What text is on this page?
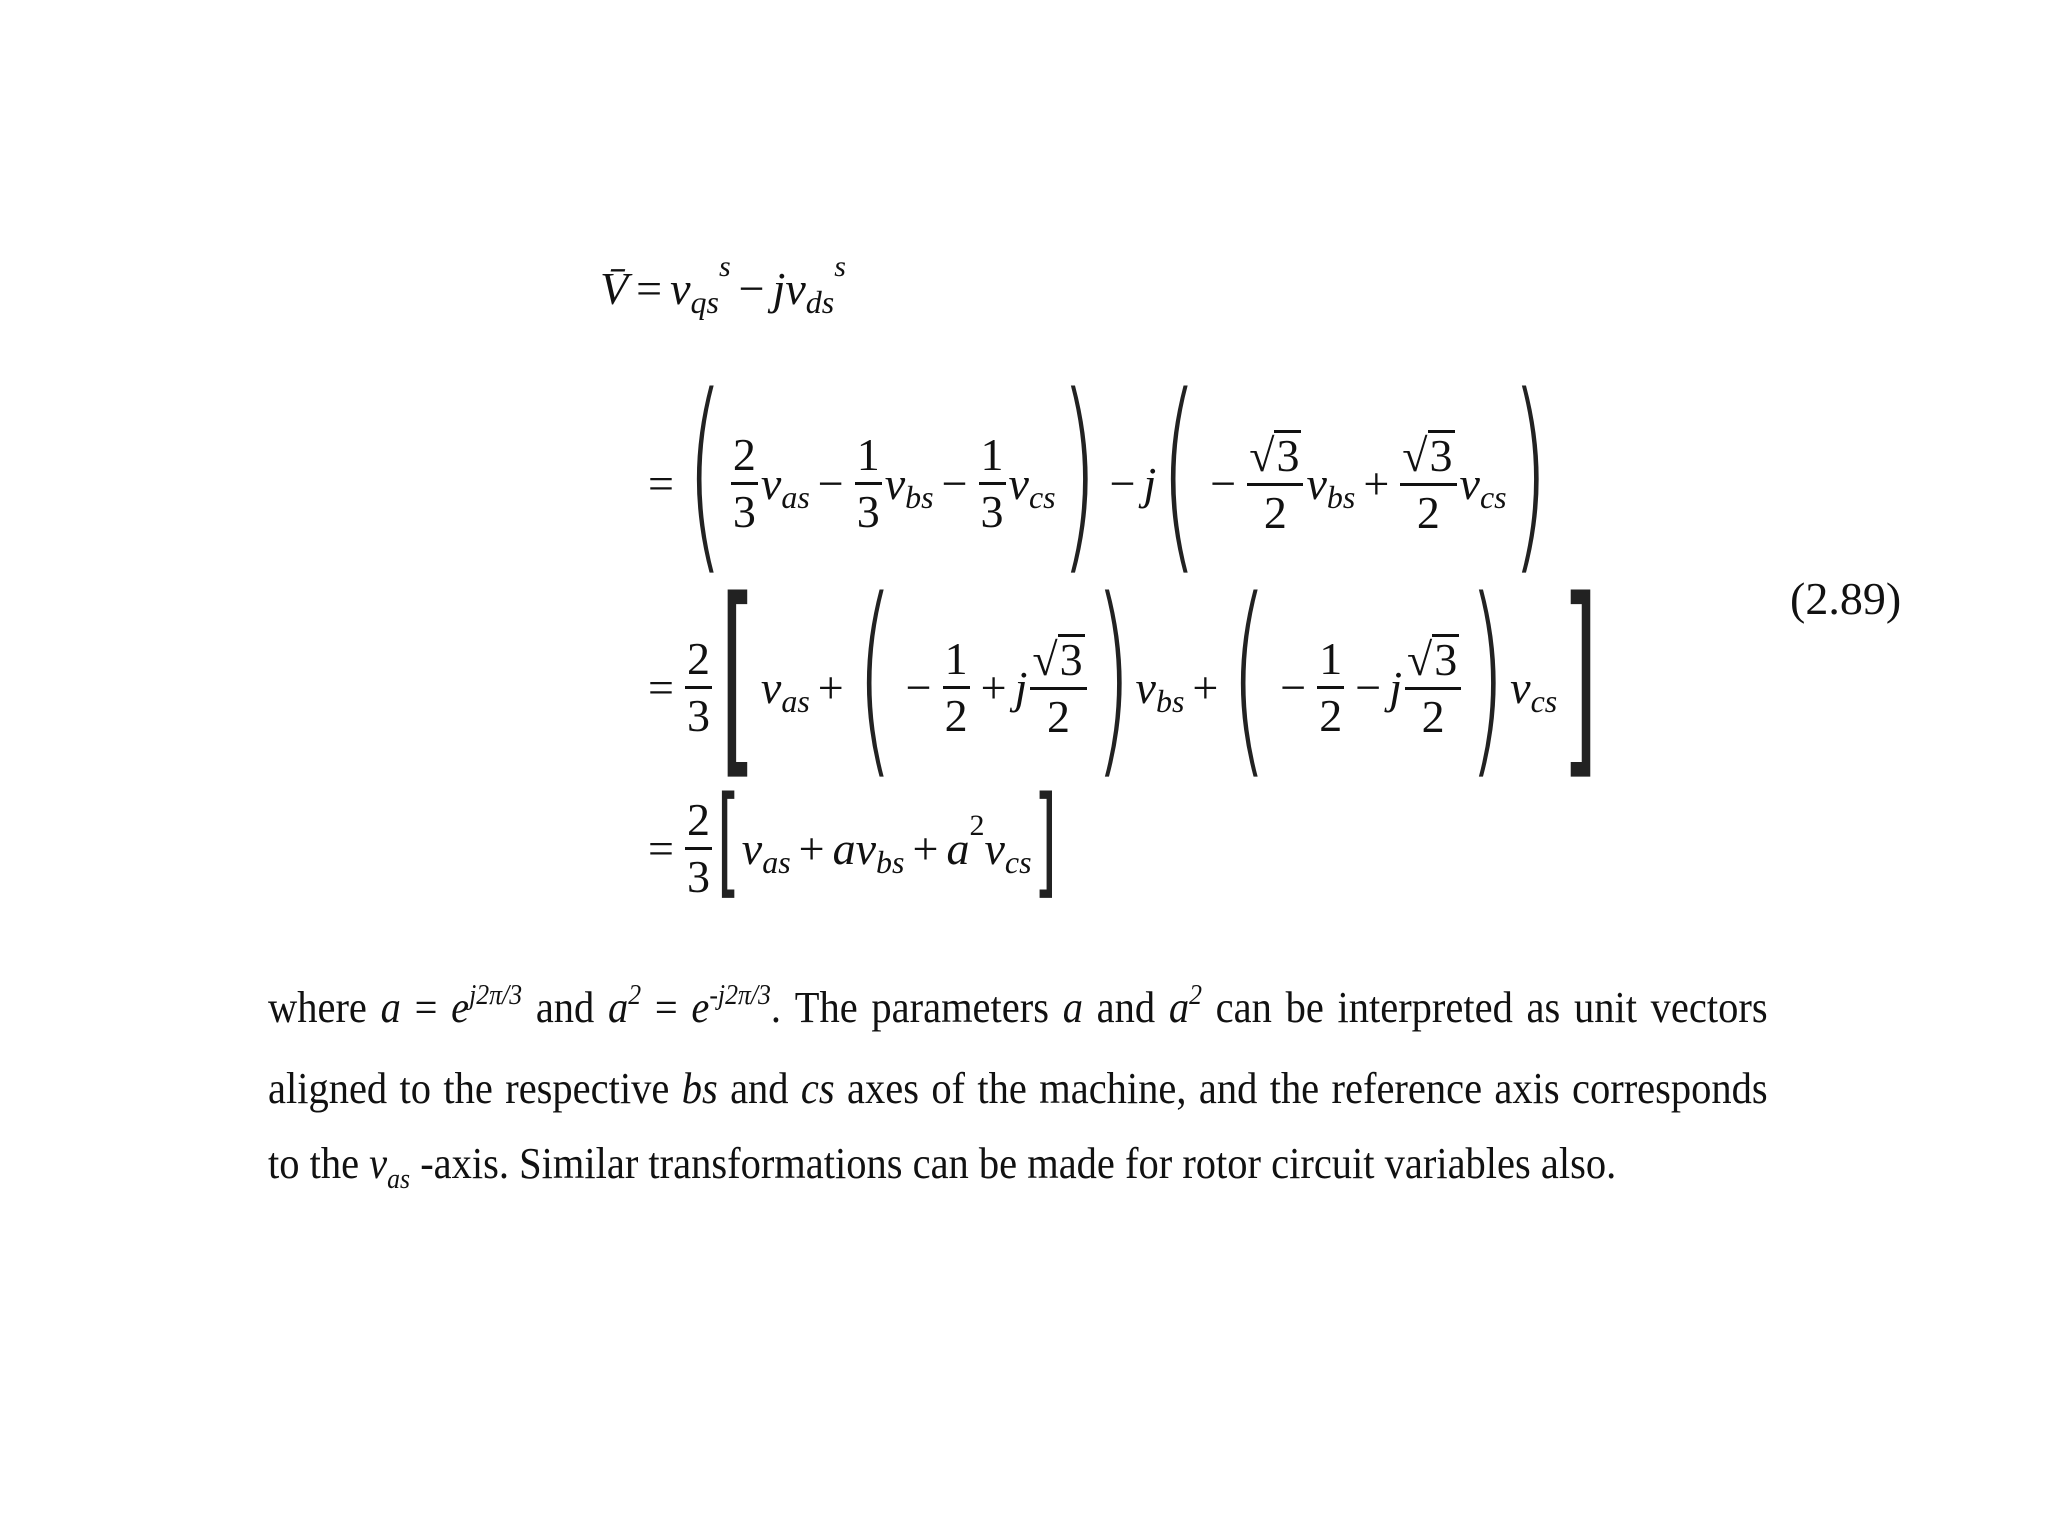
(2.89)
V̄ = v qs
s − jv ds
s
= ( $\frac{2}{3}$ v as − $\frac{1}{3}$ v bs − $\frac{1}{3}$ v cs ) − j ( − $\frac{√ 3}{2}$ v bs + $\frac{√ 3}{2}$ v cs )
= $\frac{2}{3}$ [ v as + ( − $\frac{1}{2} + j \frac{√ 3}{2}$ ) v bs + ( − $\frac{1}{2} - j \frac{√ 3}{2}$ ) v cs ]
= $\frac{2}{3}$ [ v as + av bs + a 2 v cs ]
where $a = e^{j2\pi/3}$ and $a^2 = e^{-j2\pi/3}$. The parameters a and $a^2$ can be interpreted as unit vectors aligned to the respective bs and cs axes of the machine, and the reference axis corresponds to the $v_{as}$ -axis. Similar transformations can be made for rotor circuit variables also.
